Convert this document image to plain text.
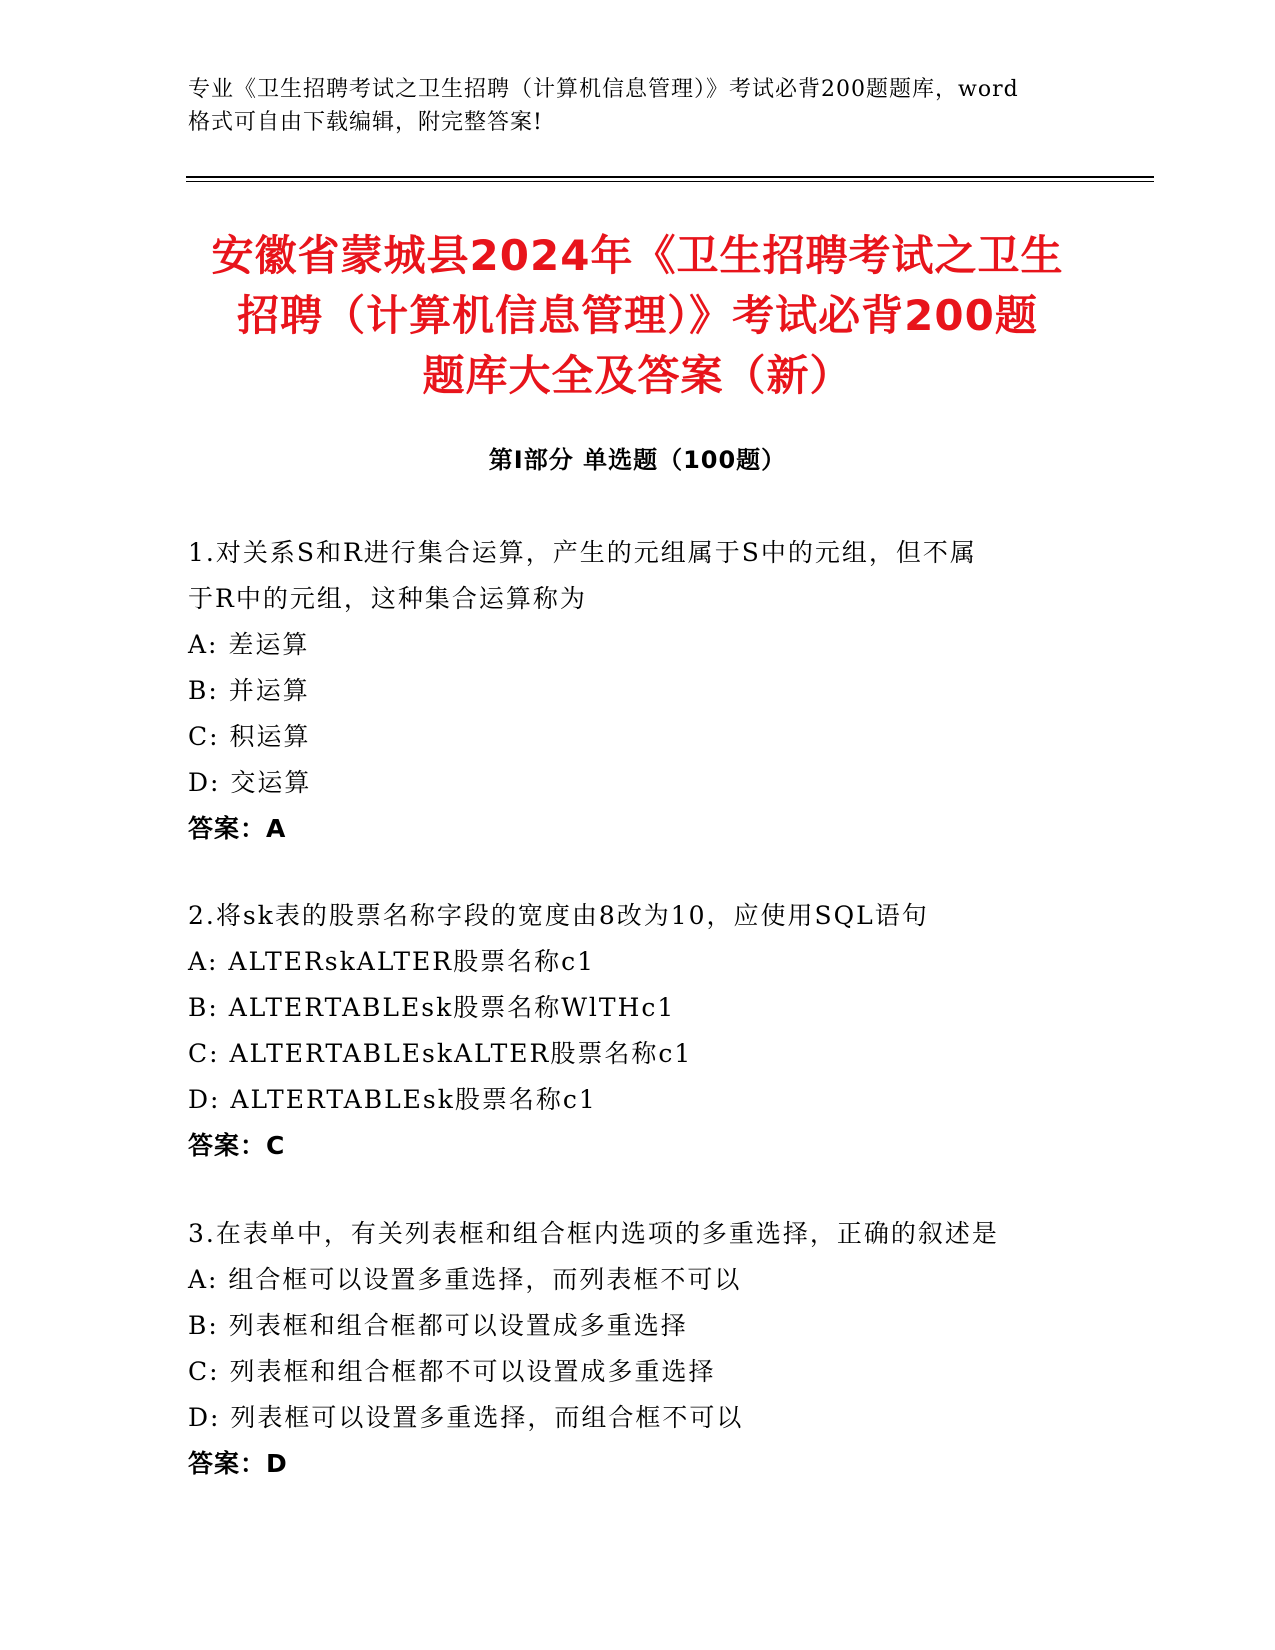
专业《卫生招聘考试之卫生招聘（计算机信息管理）》考试必背200题题库，word
格式可自由下载编辑，附完整答案!
安徽省蒙城县2024年《卫生招聘考试之卫生
招聘（计算机信息管理）》考试必背200题
题库大全及答案（新）
第Ⅰ部分 单选题（100题）
1.对关系S和R进行集合运算，产生的元组属于S中的元组，但不属
于R中的元组，这种集合运算称为
A: 差运算
B: 并运算
C: 积运算
D: 交运算
答案：A
2.将sk表的股票名称字段的宽度由8改为10，应使用SQL语句
A: ALTERskALTER股票名称c1
B: ALTERTABLEsk股票名称WlTHc1
C: ALTERTABLEskALTER股票名称c1
D: ALTERTABLEsk股票名称c1
答案：C
3.在表单中，有关列表框和组合框内选项的多重选择，正确的叙述是
A: 组合框可以设置多重选择，而列表框不可以
B: 列表框和组合框都可以设置成多重选择
C: 列表框和组合框都不可以设置成多重选择
D: 列表框可以设置多重选择，而组合框不可以
答案：D
